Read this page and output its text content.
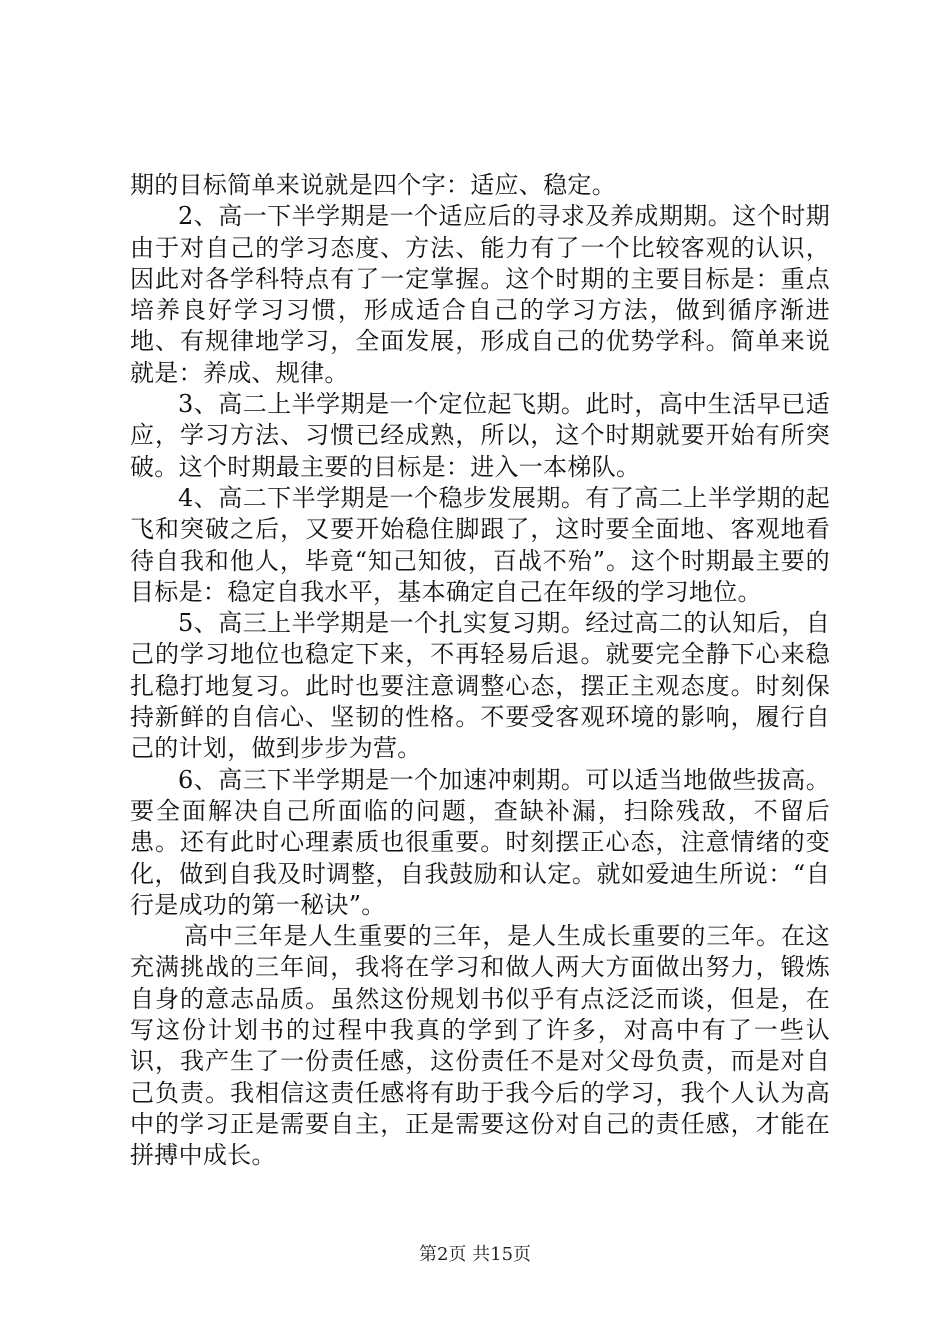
期的目标简单来说就是四个字：适应、稳定。

2、高一下半学期是一个适应后的寻求及养成期期。这个时期由于对自己的学习态度、方法、能力有了一个比较客观的认识，因此对各学科特点有了一定掌握。这个时期的主要目标是：重点培养良好学习习惯，形成适合自己的学习方法，做到循序渐进地、有规律地学习，全面发展，形成自己的优势学科。简单来说就是：养成、规律。

3、高二上半学期是一个定位起飞期。此时，高中生活早已适应，学习方法、习惯已经成熟，所以，这个时期就要开始有所突破。这个时期最主要的目标是：进入一本梯队。

4、高二下半学期是一个稳步发展期。有了高二上半学期的起飞和突破之后，又要开始稳住脚跟了，这时要全面地、客观地看待自我和他人，毕竟“知己知彼，百战不殆”。这个时期最主要的目标是：稳定自我水平，基本确定自己在年级的学习地位。

5、高三上半学期是一个扎实复习期。经过高二的认知后，自己的学习地位也稳定下来，不再轻易后退。就要完全静下心来稳扎稳打地复习。此时也要注意调整心态，摆正主观态度。时刻保持新鲜的自信心、坚韧的性格。不要受客观环境的影响，履行自己的计划，做到步步为营。

6、高三下半学期是一个加速冲刺期。可以适当地做些拔高。要全面解决自己所面临的问题，查缺补漏，扫除残敌，不留后患。还有此时心理素质也很重要。时刻摆正心态，注意情绪的变化，做到自我及时调整，自我鼓励和认定。就如爱迪生所说：“自行是成功的第一秘诀”。

高中三年是人生重要的三年，是人生成长重要的三年。在这充满挑战的三年间，我将在学习和做人两大方面做出努力，锻炼自身的意志品质。虽然这份规划书似乎有点泛泛而谈，但是，在写这份计划书的过程中我真的学到了许多，对高中有了一些认识，我产生了一份责任感，这份责任不是对父母负责，而是对自己负责。我相信这责任感将有助于我今后的学习，我个人认为高中的学习正是需要自主，正是需要这份对自己的责任感，才能在拼搏中成长。

第2页 共15页
